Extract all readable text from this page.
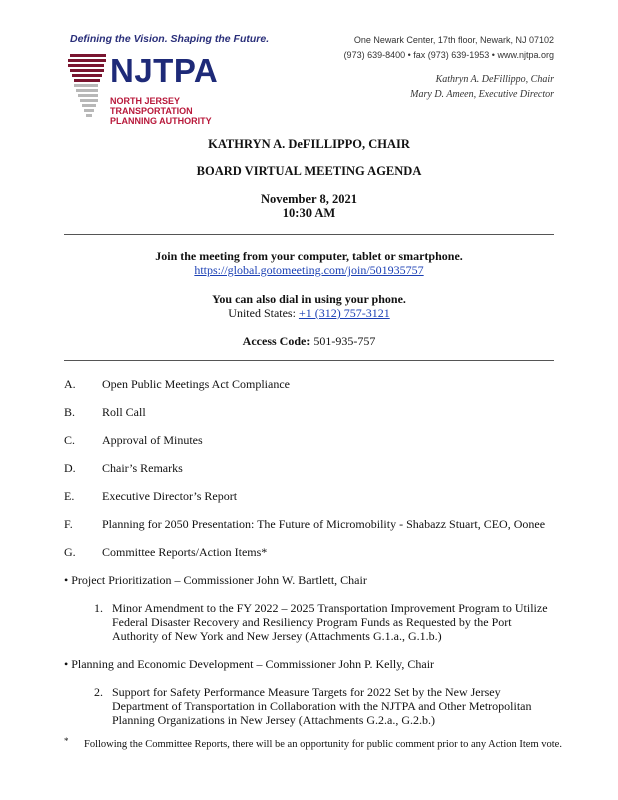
Defining the Vision. Shaping the Future.
NJTPA
NORTH JERSEY
TRANSPORTATION
PLANNING AUTHORITY
One Newark Center, 17th floor, Newark, NJ 07102
(973) 639-8400 • fax (973) 639-1953 • www.njtpa.org
Kathryn A. DeFillippo, Chair
Mary D. Ameen, Executive Director
KATHRYN A. DeFILLIPPO, CHAIR
BOARD VIRTUAL MEETING AGENDA
November 8, 2021
10:30 AM
Join the meeting from your computer, tablet or smartphone.
https://global.gotomeeting.com/join/501935757
You can also dial in using your phone.
United States: +1 (312) 757-3121
Access Code: 501-935-757
A. Open Public Meetings Act Compliance
B. Roll Call
C. Approval of Minutes
D. Chair’s Remarks
E. Executive Director’s Report
F. Planning for 2050 Presentation: The Future of Micromobility - Shabazz Stuart, CEO, Oonee
G. Committee Reports/Action Items*
• Project Prioritization – Commissioner John W. Bartlett, Chair
1. Minor Amendment to the FY 2022 – 2025 Transportation Improvement Program to Utilize Federal Disaster Recovery and Resiliency Program Funds as Requested by the Port Authority of New York and New Jersey (Attachments G.1.a., G.1.b.)
• Planning and Economic Development – Commissioner John P. Kelly, Chair
2. Support for Safety Performance Measure Targets for 2022 Set by the New Jersey Department of Transportation in Collaboration with the NJTPA and Other Metropolitan Planning Organizations in New Jersey (Attachments G.2.a., G.2.b.)
* Following the Committee Reports, there will be an opportunity for public comment prior to any Action Item vote.
